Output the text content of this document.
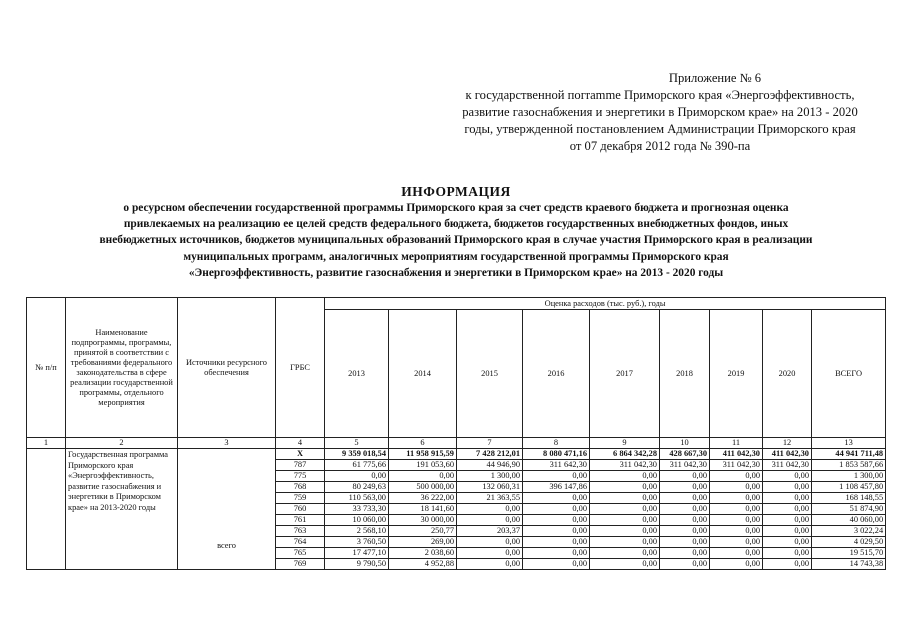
Приложение № 6
к государственной погramme Приморского края «Энергоэффективность,
развитие газоснабжения и энергетики в Приморском крае» на 2013 - 2020
годы, утвержденной постановлением Администрации Приморского края
от 07 декабря 2012 года № 390-па
ИНФОРМАЦИЯ
о ресурсном обеспечении государственной программы Приморского края за счет средств краевого бюджета и прогнозная оценка
привлекаемых на реализацию ее целей средств федерального бюджета, бюджетов государственных внебюджетных фондов, иных
внебюджетных источников, бюджетов муниципальных образований Приморского края в случае участия Приморского края в реализации
муниципальных программ, аналогичных мероприятиям государственной программы Приморского края
«Энергоэффективность, развитие газоснабжения и энергетики в Приморском крае» на 2013 - 2020 годы
№ п/п	Наименование подпрограммы, программы, принятой в соответствии с требованиями федерального законодательства в сфере реализации государственной программы, отдельного мероприятия	Источники ресурсного обеспечения	ГРБС	Оценка расходов (тыс. руб.), годы								
				2013	2014	2015	2016	2017	2018	2019	2020	ВСЕГО
1	2	3	4	5	6	7	8	9	10	11	12	13
	Государственная программа Приморского края «Энергоэффективность, развитие газоснабжения и энергетики в Приморском крае» на 2013-2020 годы	всего	X	9 359 018,54	11 958 915,59	7 428 212,01	8 080 471,16	6 864 342,28	428 667,30	411 042,30	411 042,30	44 941 711,48
			787	61 775,66	191 053,60	44 946,90	311 642,30	311 042,30	311 042,30	311 042,30	311 042,30	1 853 587,66
			775	0,00	0,00	1 300,00	0,00	0,00	0,00	0,00	0,00	1 300,00
			768	80 249,63	500 000,00	132 060,31	396 147,86	0,00	0,00	0,00	0,00	1 108 457,80
			759	110 563,00	36 222,00	21 363,55	0,00	0,00	0,00	0,00	0,00	168 148,55
			760	33 733,30	18 141,60	0,00	0,00	0,00	0,00	0,00	0,00	51 874,90
			761	10 060,00	30 000,00	0,00	0,00	0,00	0,00	0,00	0,00	40 060,00
			763	2 568,10	250,77	203,37	0,00	0,00	0,00	0,00	0,00	3 022,24
			764	3 760,50	269,00	0,00	0,00	0,00	0,00	0,00	0,00	4 029,50
			765	17 477,10	2 038,60	0,00	0,00	0,00	0,00	0,00	0,00	19 515,70
			769	9 790,50	4 952,88	0,00	0,00	0,00	0,00	0,00	0,00	14 743,38
